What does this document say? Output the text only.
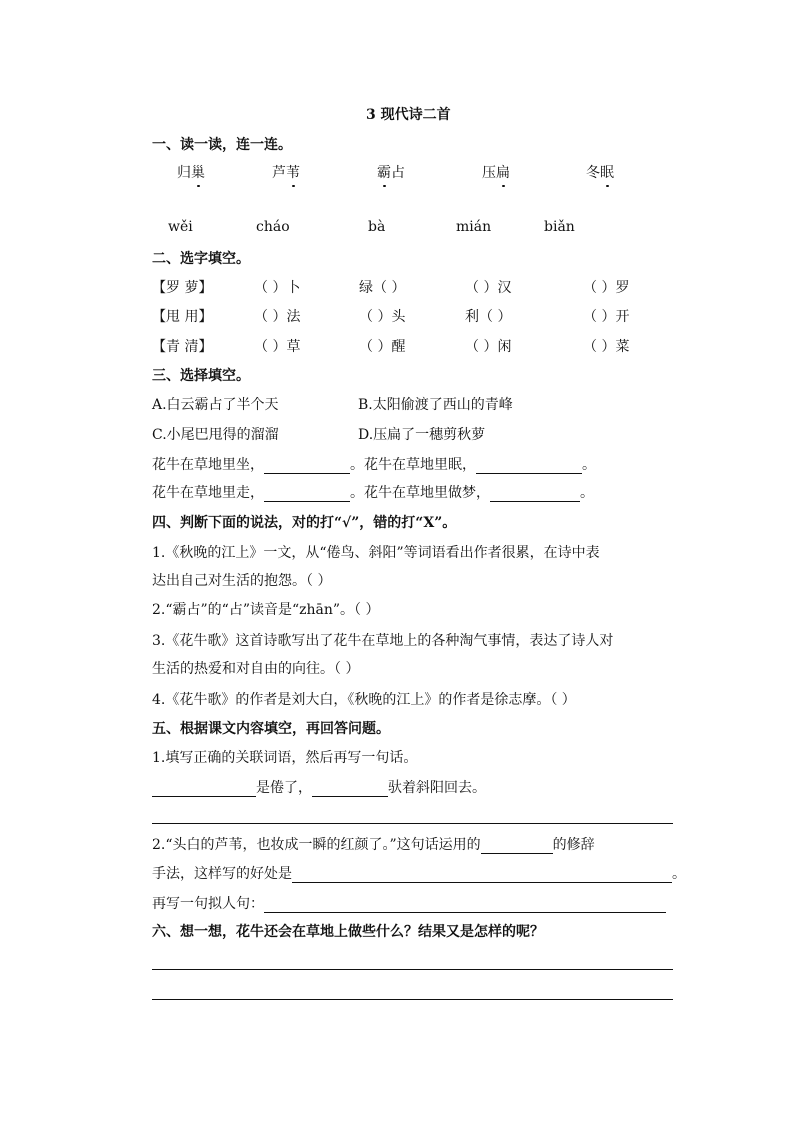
3 现代诗二首
一、读一读，连一连。
归巢	芦苇	霸占	压扁	冬眠
wěi	cháo	bà	mián	biǎn
二、选字填空。
【罗 萝】	（ ）卜	绿（ ）	（ ）汉	（ ）罗
【甩 用】	（ ）法	（ ）头	利（ ）	（ ）开
【青 清】	（ ）草	（ ）醒	（ ）闲	（ ）菜
三、选择填空。
A.白云霸占了半个天	B.太阳偷渡了西山的青峰
C.小尾巴甩得的溜溜	D.压扁了一穗剪秋萝
花牛在草地里坐，	。花牛在草地里眠，	。
花牛在草地里走，	。花牛在草地里做梦，	。
四、判断下面的说法，对的打“√”，错的打“X”。
1.《秋晚的江上》一文，从“倦鸟、斜阳”等词语看出作者很累，在诗中表
达出自己对生活的抱怨。（ ）
2.“霸占”的“占”读音是“zhān”。（ ）
3.《花牛歌》这首诗歌写出了花牛在草地上的各种淘气事情，表达了诗人对
生活的热爱和对自由的向往。（ ）
4.《花牛歌》的作者是刘大白，《秋晚的江上》的作者是徐志摩。（ ）
五、根据课文内容填空，再回答问题。
1.填写正确的关联词语，然后再写一句话。
是倦了，	驮着斜阳回去。
2.“头白的芦苇，也妆成一瞬的红颜了。”这句话运用的	的修辞
手法，这样写的好处是	。
再写一句拟人句：
六、想一想，花牛还会在草地上做些什么？结果又是怎样的呢？
